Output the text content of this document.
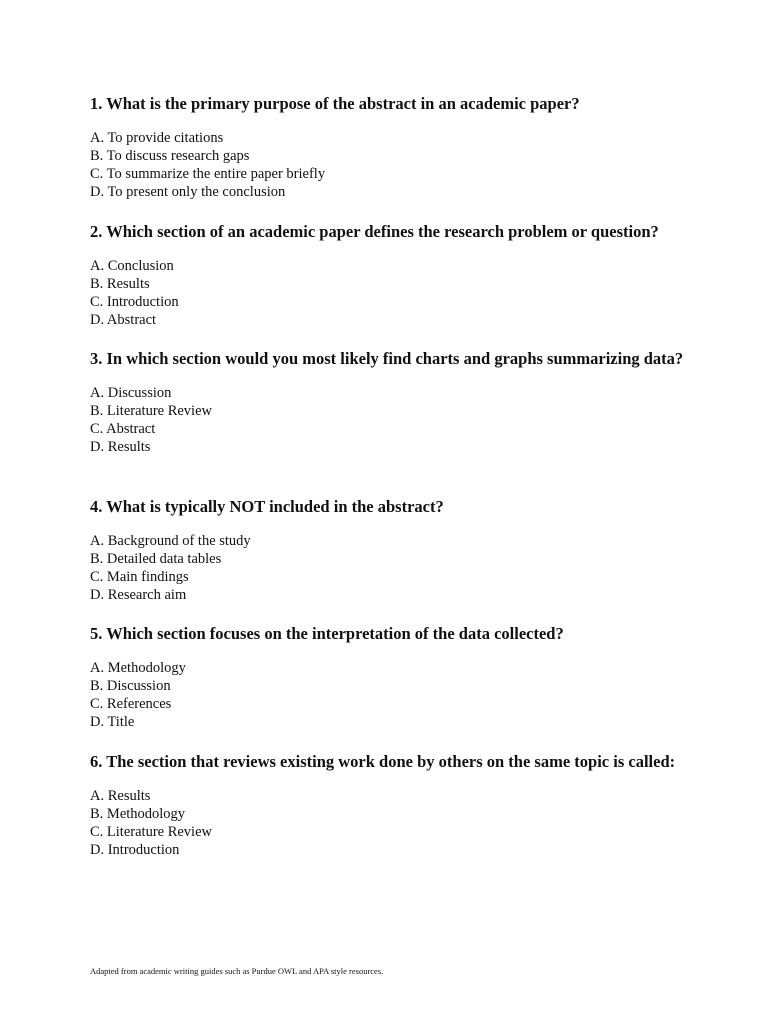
1. What is the primary purpose of the abstract in an academic paper?

A. To provide citations
B. To discuss research gaps
C. To summarize the entire paper briefly
D. To present only the conclusion

2. Which section of an academic paper defines the research problem or question?

A. Conclusion
B. Results
C. Introduction
D. Abstract

3. In which section would you most likely find charts and graphs summarizing data?

A. Discussion
B. Literature Review
C. Abstract
D. Results

4. What is typically NOT included in the abstract?

A. Background of the study
B. Detailed data tables
C. Main findings
D. Research aim

5. Which section focuses on the interpretation of the data collected?

A. Methodology
B. Discussion
C. References
D. Title

6. The section that reviews existing work done by others on the same topic is called:

A. Results
B. Methodology
C. Literature Review
D. Introduction
Adapted from academic writing guides such as Purdue OWL and APA style resources.
